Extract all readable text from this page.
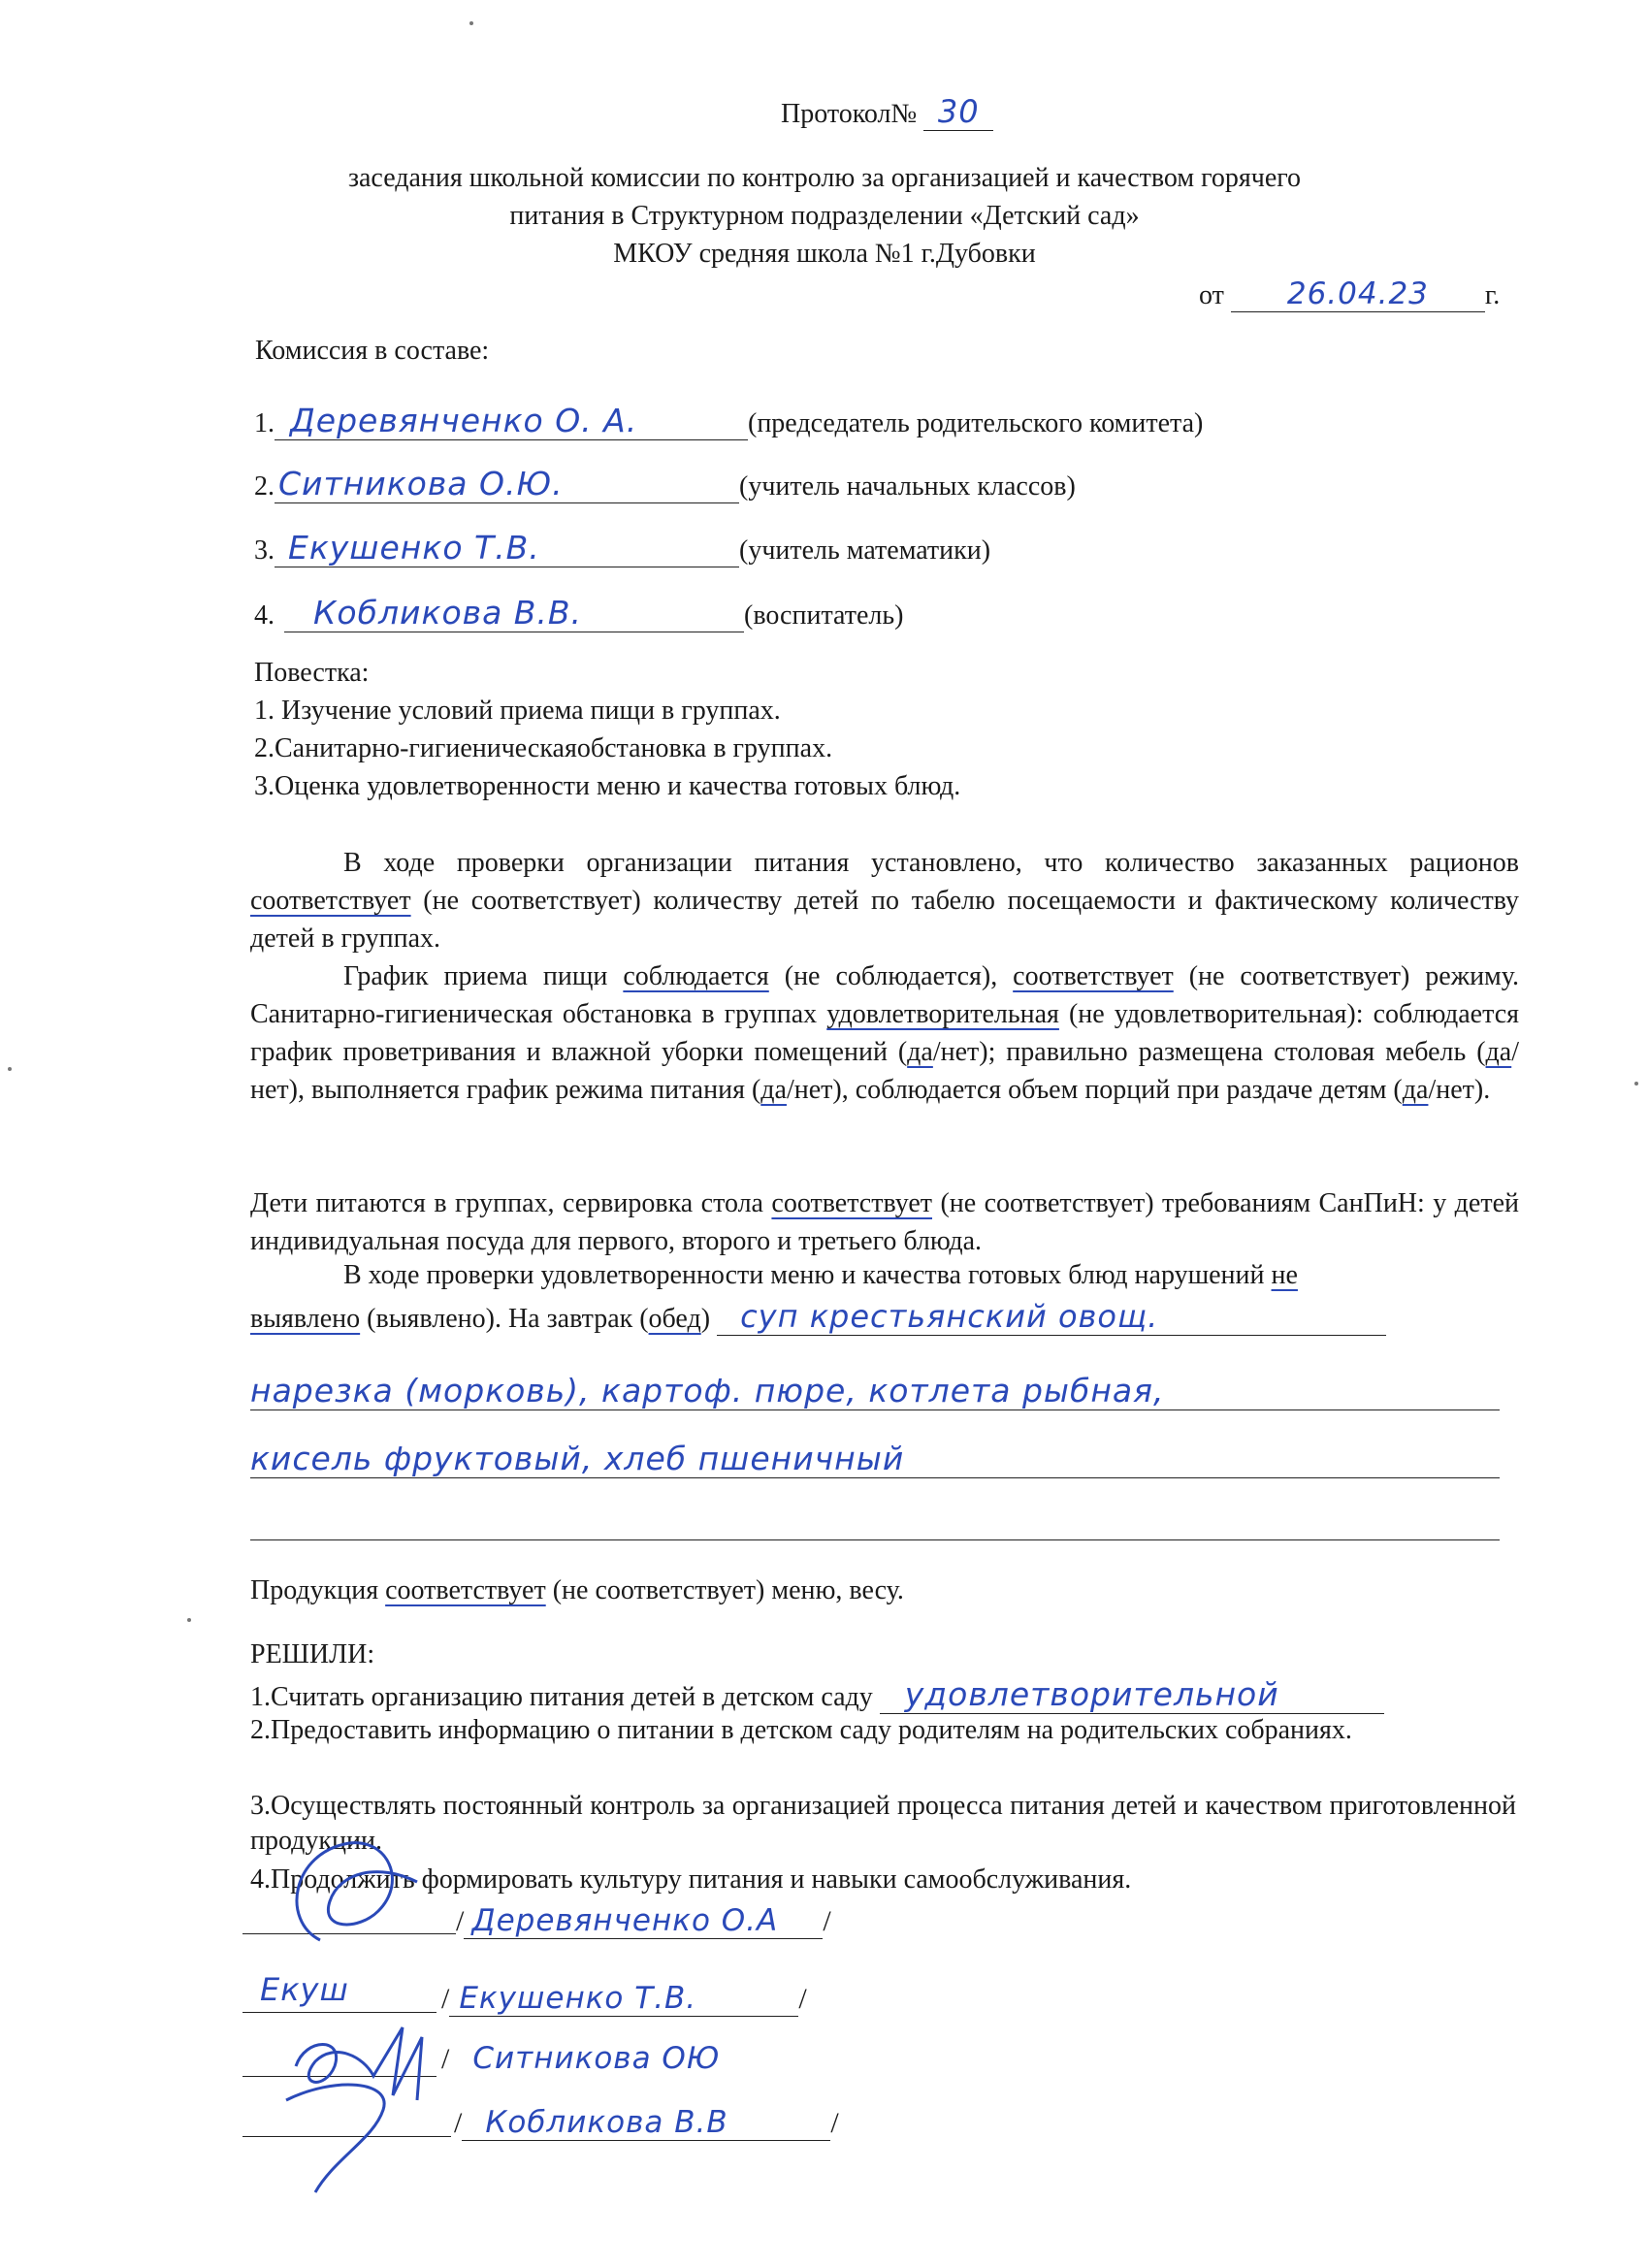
Протокол№ 30
заседания школьной комиссии по контролю за организацией и качеством горячего
питания в Структурном подразделении «Детский сад»
МКОУ средняя школа №1 г.Дубовки
от 26.04.23 г.
Комиссия в составе:
1. Деревянченко О. А.	(председатель родительского комитета)
2. Ситникова О.Ю.	(учитель начальных классов)
3. Екушенко Т.В.	(учитель математики)
4. Кобликова В.В.	(воспитатель)
Повестка:
1. Изучение условий приема пищи в группах.
2.Санитарно-гигиеническаяобстановка в группах.
3.Оценка удовлетворенности меню и качества готовых блюд.
В ходе проверки организации питания установлено, что количество заказанных рационов соответствует (не соответствует) количеству детей по табелю посещаемости и фактическому количеству детей в группах.
График приема пищи соблюдается (не соблюдается), соответствует (не соответствует) режиму. Санитарно-гигиеническая обстановка в группах удовлетворительная (не удовлетворительная): соблюдается график проветривания и влажной уборки помещений (да/нет); правильно размещена столовая мебель (да/нет), выполняется график режима питания (да/нет), соблюдается объем порций при раздаче детям (да/нет).
Дети питаются в группах, сервировка стола соответствует (не соответствует) требованиям СанПиН: у детей индивидуальная посуда для первого, второго и третьего блюда.
В ходе проверки удовлетворенности меню и качества готовых блюд нарушений не
выявлено (выявлено). На завтрак (обед) суп крестьянский овощ.
нарезка (морковь), картоф. пюре, котлета рыбная,
кисель фруктовый, хлеб пшеничный
Продукция соответствует (не соответствует) меню, весу.
РЕШИЛИ:
1.Считать организацию питания детей в детском саду удовлетворительной
2.Предоставить информацию о питании в детском саду родителям на родительских собраниях.
3.Осуществлять постоянный контроль за организацией процесса питания детей и качеством приготовленной продукции.
4.Продолжить формировать культуру питания и навыки самообслуживания.
/ Деревянченко О.А /
Екуш	/ Екушенко Т.В.	/
/ Ситникова ОЮ
/ Кобликова В.В	/
